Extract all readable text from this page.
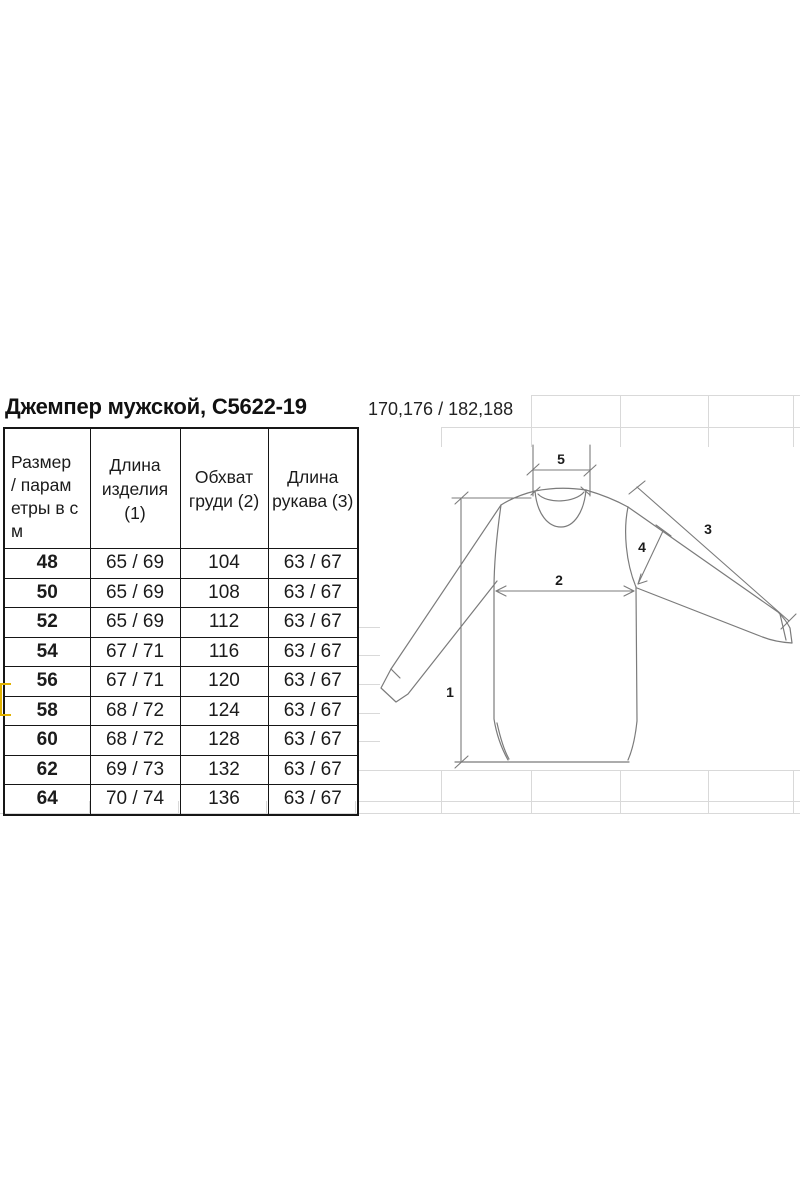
Джемпер мужской, С5622-19	170,176 / 182,188
Размер / параметры в см	Длина изделия (1)	Обхват груди (2)	Длина рукава (3)
48	65 / 69	104	63 / 67
50	65 / 69	108	63 / 67
52	65 / 69	112	63 / 67
54	67 / 71	116	63 / 67
56	67 / 71	120	63 / 67
58	68 / 72	124	63 / 67
60	68 / 72	128	63 / 67
62	69 / 73	132	63 / 67
64	70 / 74	136	63 / 67
1
2
3
4
5
